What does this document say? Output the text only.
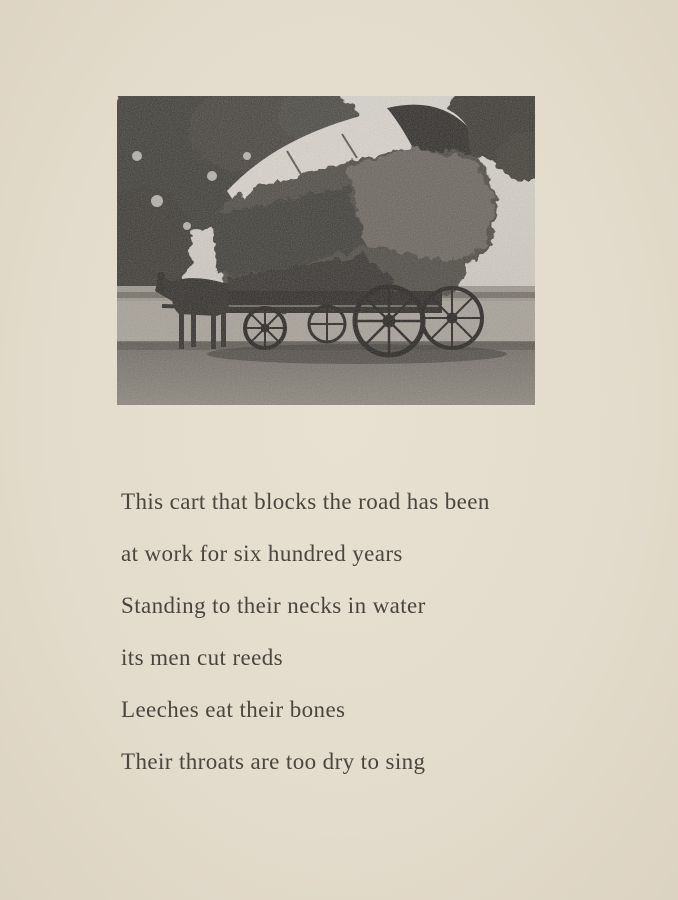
This cart that blocks the road has been
at work for six hundred years
Standing to their necks in water
its men cut reeds
Leeches eat their bones
Their throats are too dry to sing
